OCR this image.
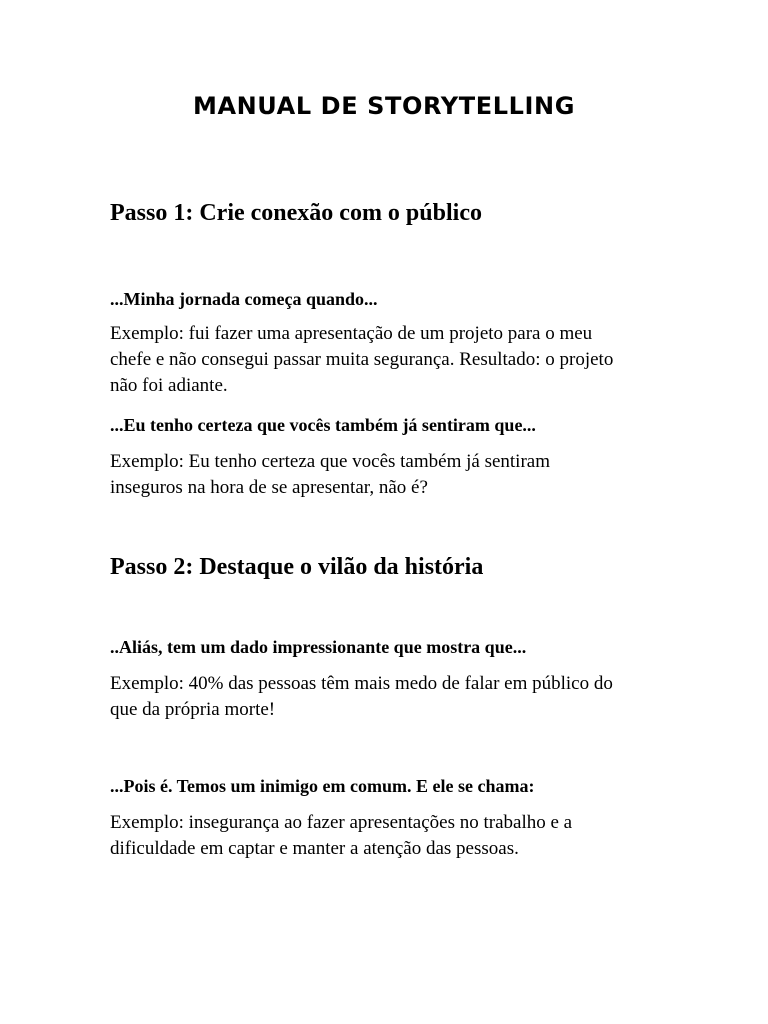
MANUAL DE STORYTELLING
Passo 1: Crie conexão com o público

...Minha jornada começa quando...

Exemplo: fui fazer uma apresentação de um projeto para o meu
chefe e não consegui passar muita segurança. Resultado: o projeto
não foi adiante.

...Eu tenho certeza que vocês também já sentiram que...

Exemplo: Eu tenho certeza que vocês também já sentiram
inseguros na hora de se apresentar, não é?

Passo 2: Destaque o vilão da história

..Aliás, tem um dado impressionante que mostra que...

Exemplo: 40% das pessoas têm mais medo de falar em público do
que da própria morte!

...Pois é. Temos um inimigo em comum. E ele se chama:

Exemplo: insegurança ao fazer apresentações no trabalho e a
dificuldade em captar e manter a atenção das pessoas.
